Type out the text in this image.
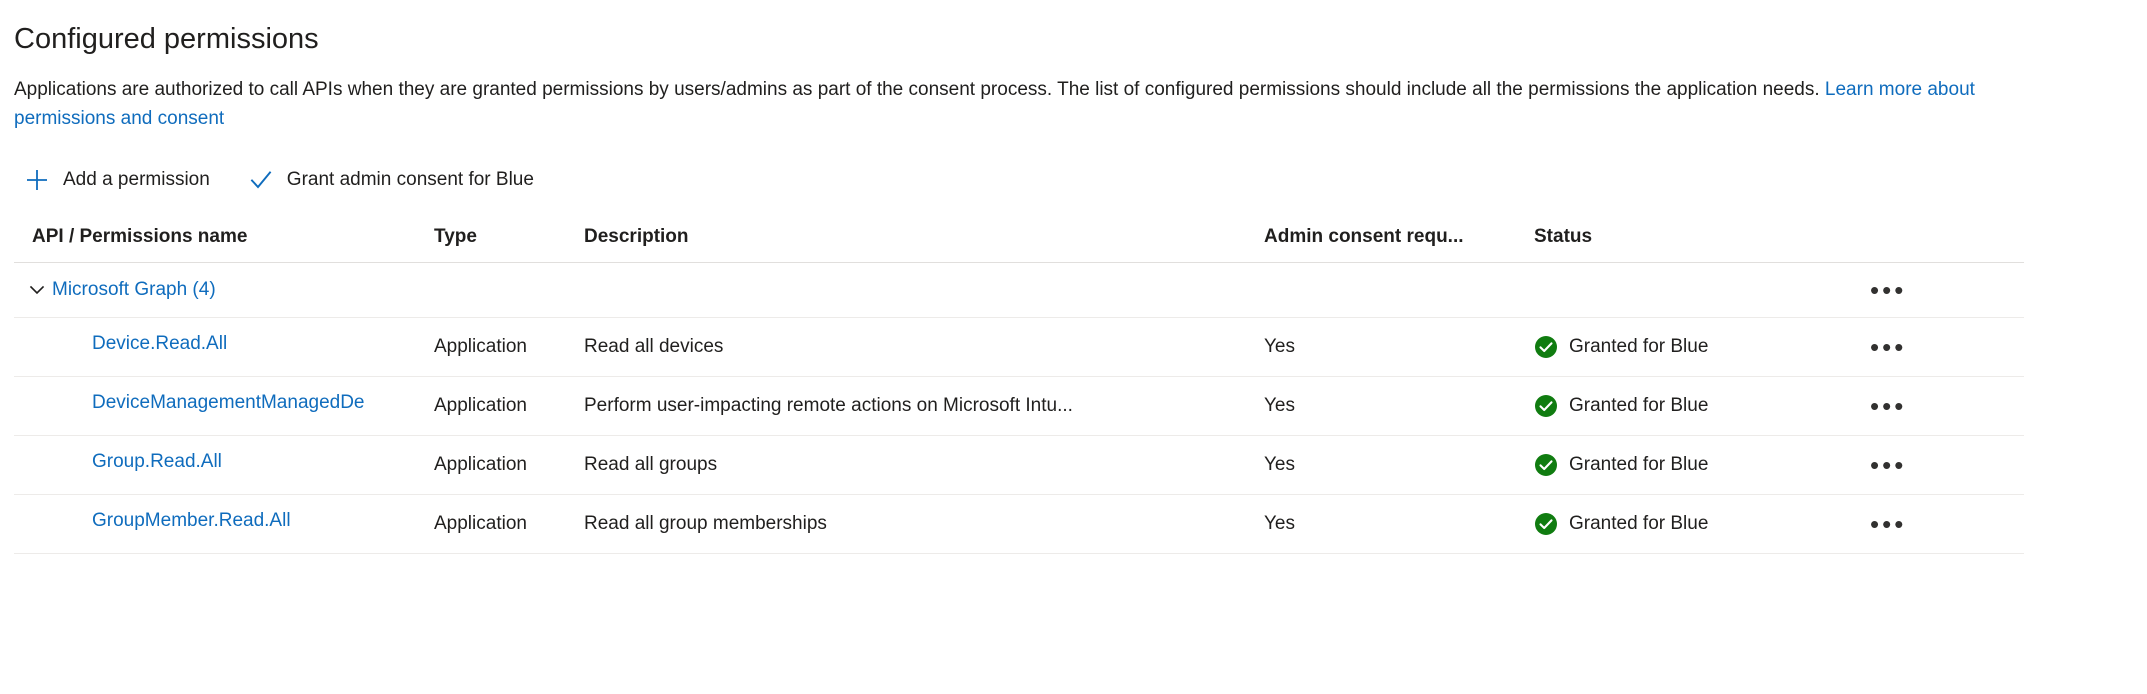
Configured permissions

Applications are authorized to call APIs when they are granted permissions by users/admins as part of the consent process. The list of configured permissions should include all the permissions the application needs. Learn more about permissions and consent

Add a permission	Grant admin consent for Blue
API / Permissions name	Type	Description	Admin consent requ...	Status	

Microsoft Graph (4)					•••
Device.Read.All	Application	Read all devices	Yes	Granted for Blue	•••
DeviceManagementManagedDe	Application	Perform user-impacting remote actions on Microsoft Intu...	Yes	Granted for Blue	•••
Group.Read.All	Application	Read all groups	Yes	Granted for Blue	•••
GroupMember.Read.All	Application	Read all group memberships	Yes	Granted for Blue	•••
